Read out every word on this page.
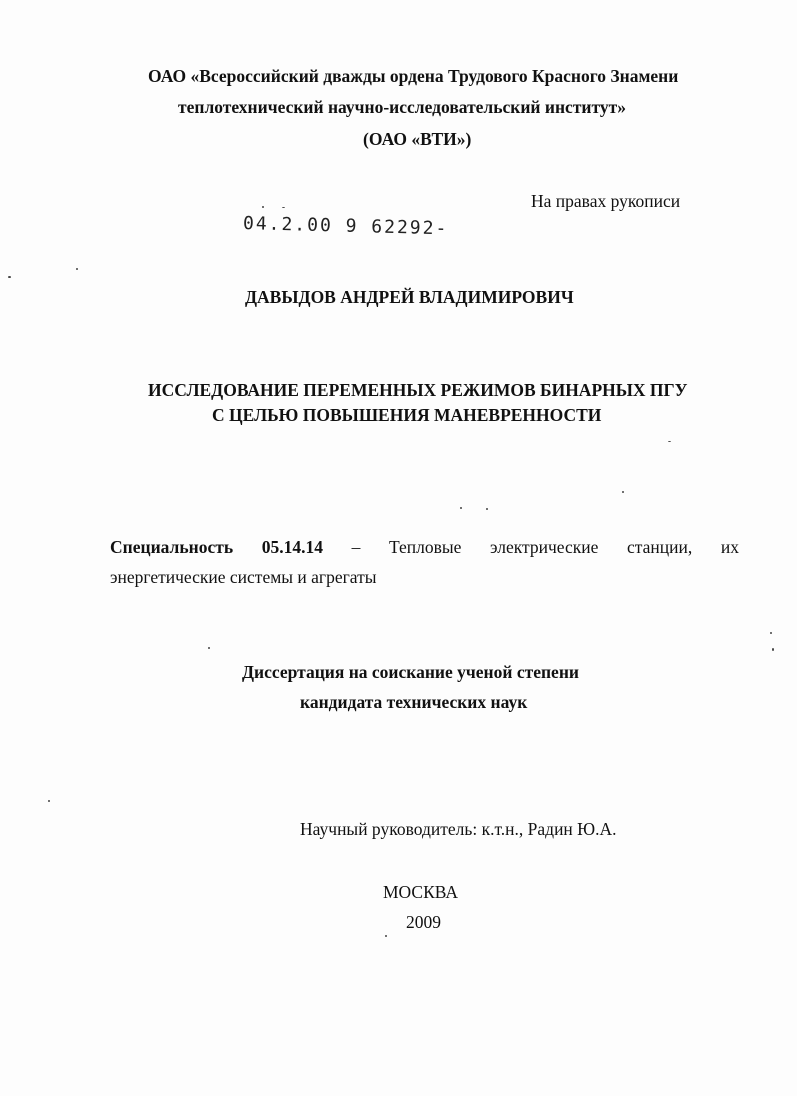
ОАО «Всероссийский дважды ордена Трудового Красного Знамени
теплотехнический научно-исследовательский институт»
(ОАО «ВТИ»)
На правах рукописи
04.2.00 9 62292-
ДАВЫДОВ АНДРЕЙ ВЛАДИМИРОВИЧ
ИССЛЕДОВАНИЕ ПЕРЕМЕННЫХ РЕЖИМОВ БИНАРНЫХ ПГУ
С ЦЕЛЬЮ ПОВЫШЕНИЯ МАНЕВРЕННОСТИ
Специальность 05.14.14 – Тепловые электрические станции, их
энергетические системы и агрегаты
Диссертация на соискание ученой степени
кандидата технических наук
Научный руководитель: к.т.н., Радин Ю.А.
МОСКВА
2009
